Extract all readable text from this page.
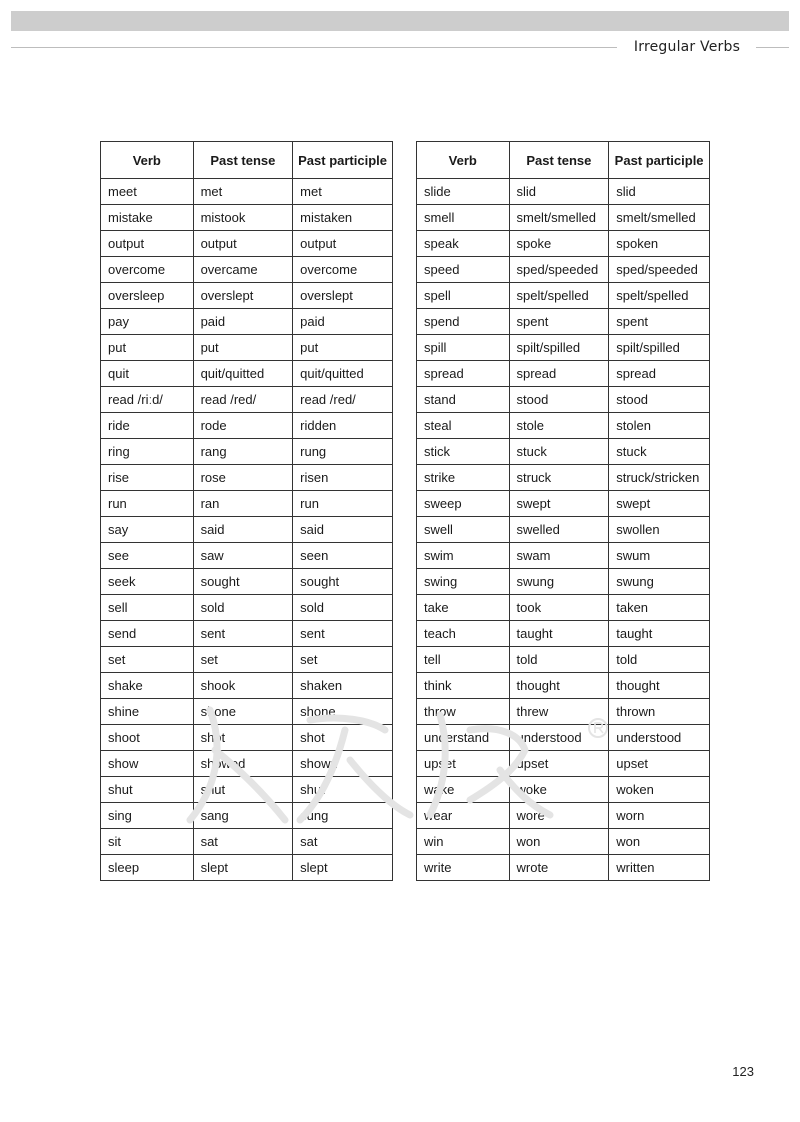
Irregular Verbs
Verb	Past tense	Past participle
meet	met	met
mistake	mistook	mistaken
output	output	output
overcome	overcame	overcome
oversleep	overslept	overslept
pay	paid	paid
put	put	put
quit	quit/quitted	quit/quitted
read /riːd/	read /red/	read /red/
ride	rode	ridden
ring	rang	rung
rise	rose	risen
run	ran	run
say	said	said
see	saw	seen
seek	sought	sought
sell	sold	sold
send	sent	sent
set	set	set
shake	shook	shaken
shine	shone	shone
shoot	shot	shot
show	showed	shown
shut	shut	shut
sing	sang	sung
sit	sat	sat
sleep	slept	slept
Verb	Past tense	Past participle
slide	slid	slid
smell	smelt/smelled	smelt/smelled
speak	spoke	spoken
speed	sped/speeded	sped/speeded
spell	spelt/spelled	spelt/spelled
spend	spent	spent
spill	spilt/spilled	spilt/spilled
spread	spread	spread
stand	stood	stood
steal	stole	stolen
stick	stuck	stuck
strike	struck	struck/stricken
sweep	swept	swept
swell	swelled	swollen
swim	swam	swum
swing	swung	swung
take	took	taken
teach	taught	taught
tell	told	told
think	thought	thought
throw	threw	thrown
understand	understood	understood
upset	upset	upset
wake	woke	woken
wear	wore	worn
win	won	won
write	wrote	written
123
